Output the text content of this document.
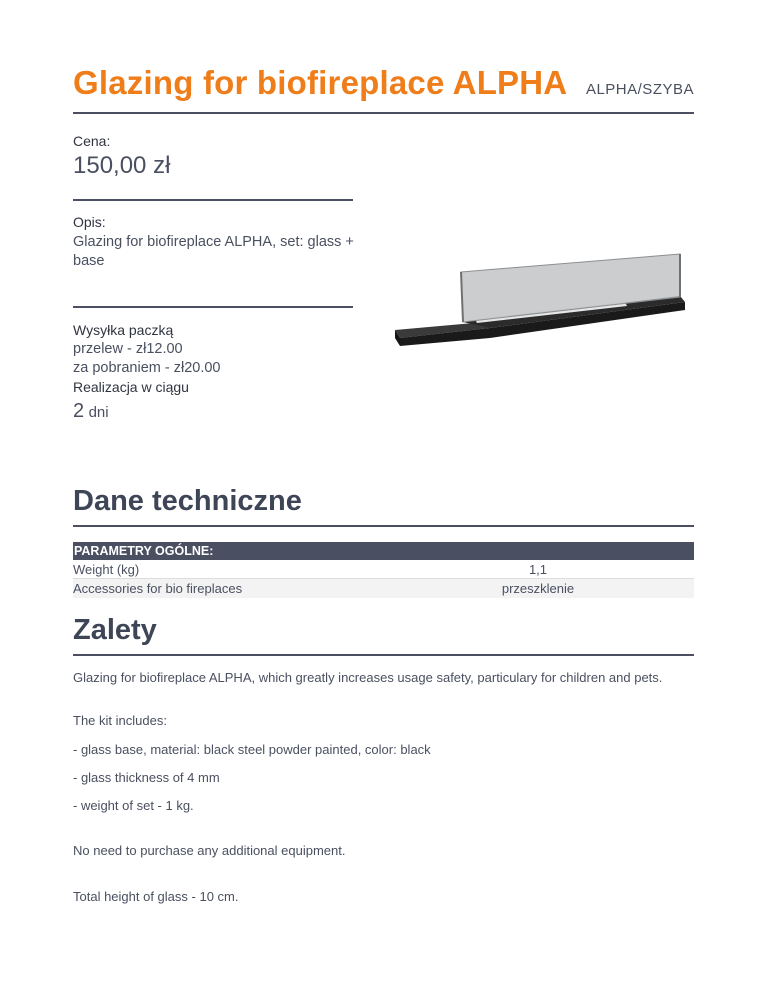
Glazing for biofireplace ALPHA ALPHA/SZYBA
Cena:
150,00 zł
Opis:
Glazing for biofireplace ALPHA, set: glass + base
Wysyłka paczką
przelew - zł12.00
za pobraniem - zł20.00
Realizacja w ciągu
2 dni
Dane techniczne
PARAMETRY OGÓLNE:
Weight (kg)	1,1
Accessories for bio fireplaces	przeszklenie
Zalety

Glazing for biofireplace ALPHA, which greatly increases usage safety, particulary for children and pets.

The kit includes:

- glass base, material: black steel powder painted, color: black

- glass thickness of 4 mm

- weight of set - 1 kg.

No need to purchase any additional equipment.

Total height of glass - 10 cm.
